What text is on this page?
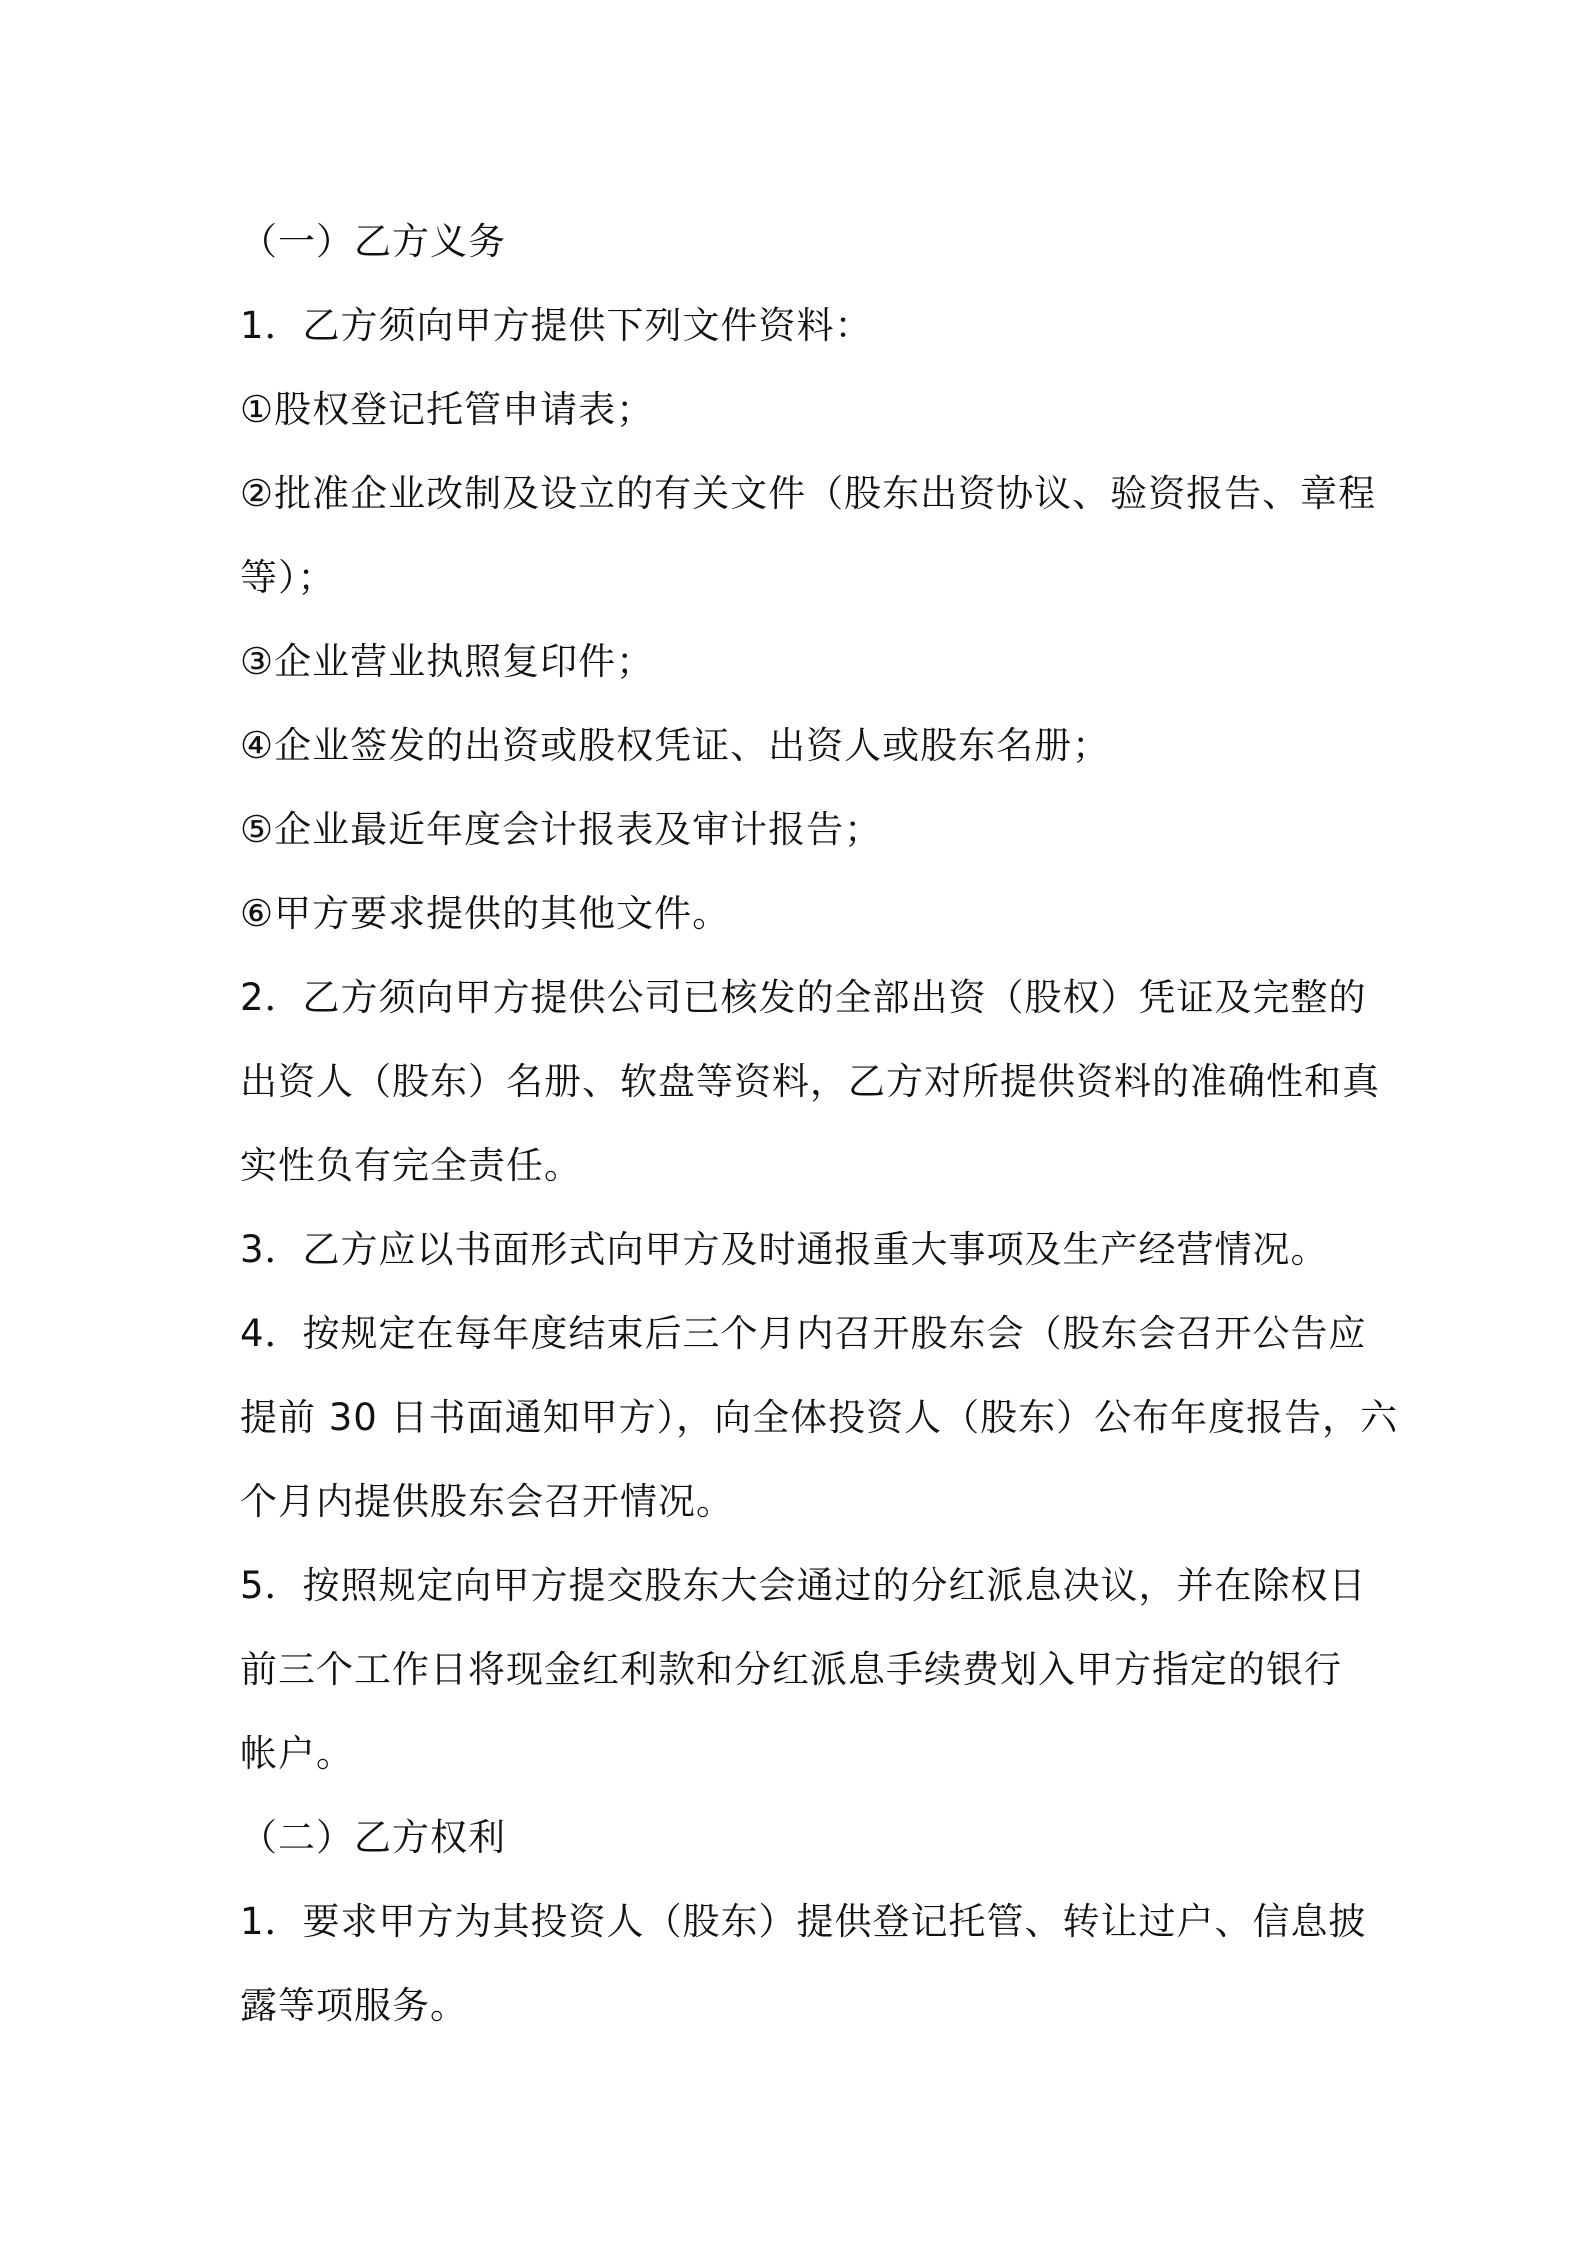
（一）乙方义务
1．乙方须向甲方提供下列文件资料：
①股权登记托管申请表；
②批准企业改制及设立的有关文件（股东出资协议、验资报告、章程
等）；
③企业营业执照复印件；
④企业签发的出资或股权凭证、出资人或股东名册；
⑤企业最近年度会计报表及审计报告；
⑥甲方要求提供的其他文件。
2．乙方须向甲方提供公司已核发的全部出资（股权）凭证及完整的
出资人（股东）名册、软盘等资料，乙方对所提供资料的准确性和真
实性负有完全责任。
3．乙方应以书面形式向甲方及时通报重大事项及生产经营情况。
4．按规定在每年度结束后三个月内召开股东会（股东会召开公告应
提前 30 日书面通知甲方），向全体投资人（股东）公布年度报告，六
个月内提供股东会召开情况。
5．按照规定向甲方提交股东大会通过的分红派息决议，并在除权日
前三个工作日将现金红利款和分红派息手续费划入甲方指定的银行
帐户。
（二）乙方权利
1．要求甲方为其投资人（股东）提供登记托管、转让过户、信息披
露等项服务。
